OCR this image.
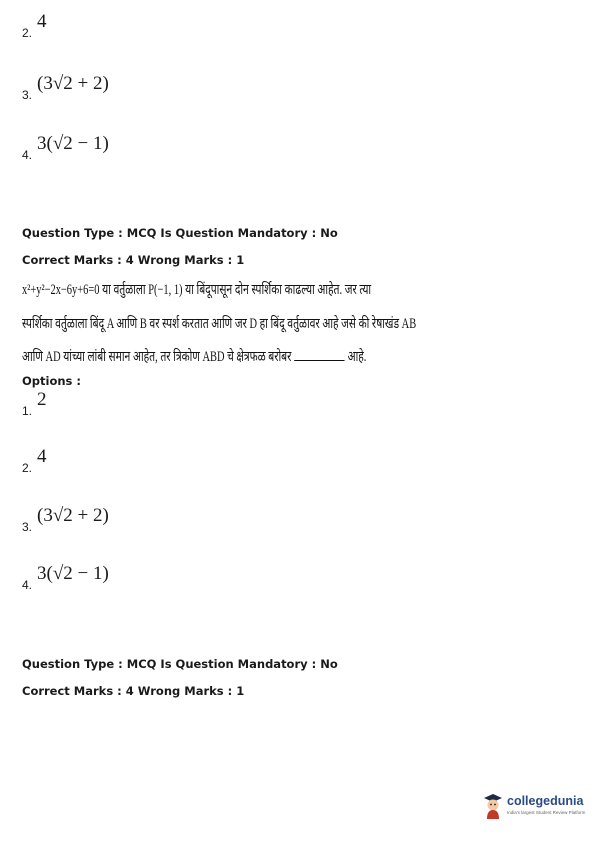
2.
4
3.
(3√2 + 2)
4.
3(√2 − 1)
Question Type : MCQ Is Question Mandatory : No
Correct Marks : 4 Wrong Marks : 1
x²+y²−2x−6y+6=0 या वर्तुळाला P(−1, 1) या बिंदूपासून दोन स्पर्शिका काढल्या आहेत. जर त्या
स्पर्शिका वर्तुळाला बिंदू A आणि B वर स्पर्श करतात आणि जर D हा बिंदू वर्तुळावर आहे जसे की रेषाखंड AB
आणि AD यांच्या लांबी समान आहेत, तर त्रिकोण ABD चे क्षेत्रफळ बरोबर	आहे.
Options :
1.
2
2.
4
3.
(3√2 + 2)
4.
3(√2 − 1)
Question Type : MCQ Is Question Mandatory : No
Correct Marks : 4 Wrong Marks : 1
collegedunia
India's largest Student Review Platform
